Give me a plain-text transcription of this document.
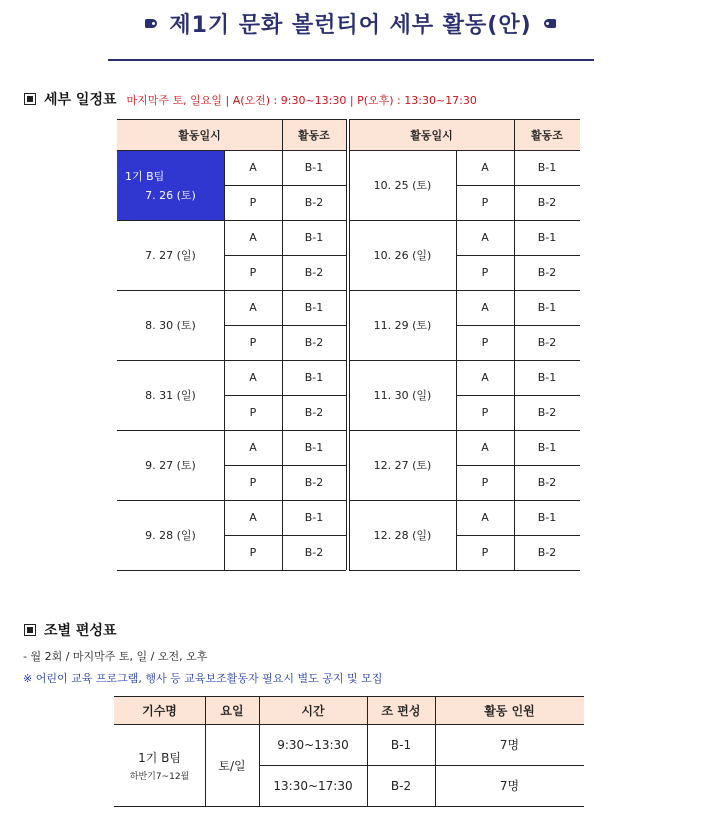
제1기 문화 볼런티어 세부 활동(안)
세부 일정표 마지막주 토, 일요일 | A(오전) : 9:30~13:30 | P(오후) : 13:30~17:30
활동일시	활동조
1기 B팀
7. 26 (토)
A	B-1
P	B-2
7. 27 (일)
A	B-1
P	B-2
8. 30 (토)
A	B-1
P	B-2
8. 31 (일)
A	B-1
P	B-2
9. 27 (토)
A	B-1
P	B-2
9. 28 (일)
A	B-1
P	B-2
활동일시	활동조
10. 25 (토)
A	B-1
P	B-2
10. 26 (일)
A	B-1
P	B-2
11. 29 (토)
A	B-1
P	B-2
11. 30 (일)
A	B-1
P	B-2
12. 27 (토)
A	B-1
P	B-2
12. 28 (일)
A	B-1
P	B-2
조별 편성표
- 월 2회 / 마지막주 토, 일 / 오전, 오후
※ 어린이 교육 프로그램, 행사 등 교육보조활동자 필요시 별도 공지 및 모집
기수명	요일	시간	조 편성	활동 인원
1기 B팀
하반기7~12월
토/일
9:30~13:30	B-1	7명
13:30~17:30	B-2	7명
